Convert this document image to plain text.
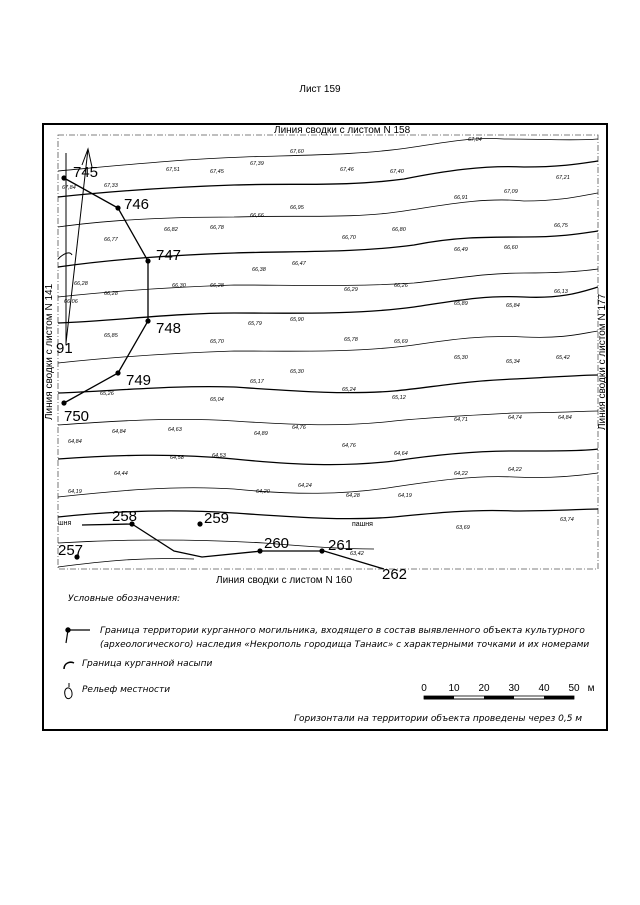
Лист 159
745
746
747
748
91
749
750
258	259
260	261
257
262
шня	пашня
67,84
67,84	67,33
67,51	67,45
67,39
67,60
67,46	67,40
67,21
66,95
67,09
66,91
66,77
66,82	66,78
66,66
66,70
66,80
66,75
66,28
66,47
66,38
66,49	66,60
66,28
66,30	66,28
66,29
66,26
66,13
66,06
65,85
65,79
65,90
65,89	65,84
65,70	65,78	65,69
65,30
65,34
65,42
65,26
65,17
65,30
65,24
65,04	65,12
64,84
64,84	64,63
64,89
64,76
64,71	64,74	64,84
64,58	64,53
64,76
64,64
64,44	64,22
64,22
64,19	64,20
64,24
64,28	64,19
63,69
63,74
63,42
Линия сводки с листом N 158
Линия сводки с листом N 160
Линия сводки с листом N 141	Линия сводки с листом N 177
0 10 20 30 40 50 м
Условные обозначения:
Граница территории курганного могильника, входящего в состав выявленного объекта культурного
(археологического) наследия «Некрополь городища Танаис» с характерными точками и их номерами
Граница курганной насыпи
Рельеф местности
Горизонтали на территории объекта проведены через 0,5 м
